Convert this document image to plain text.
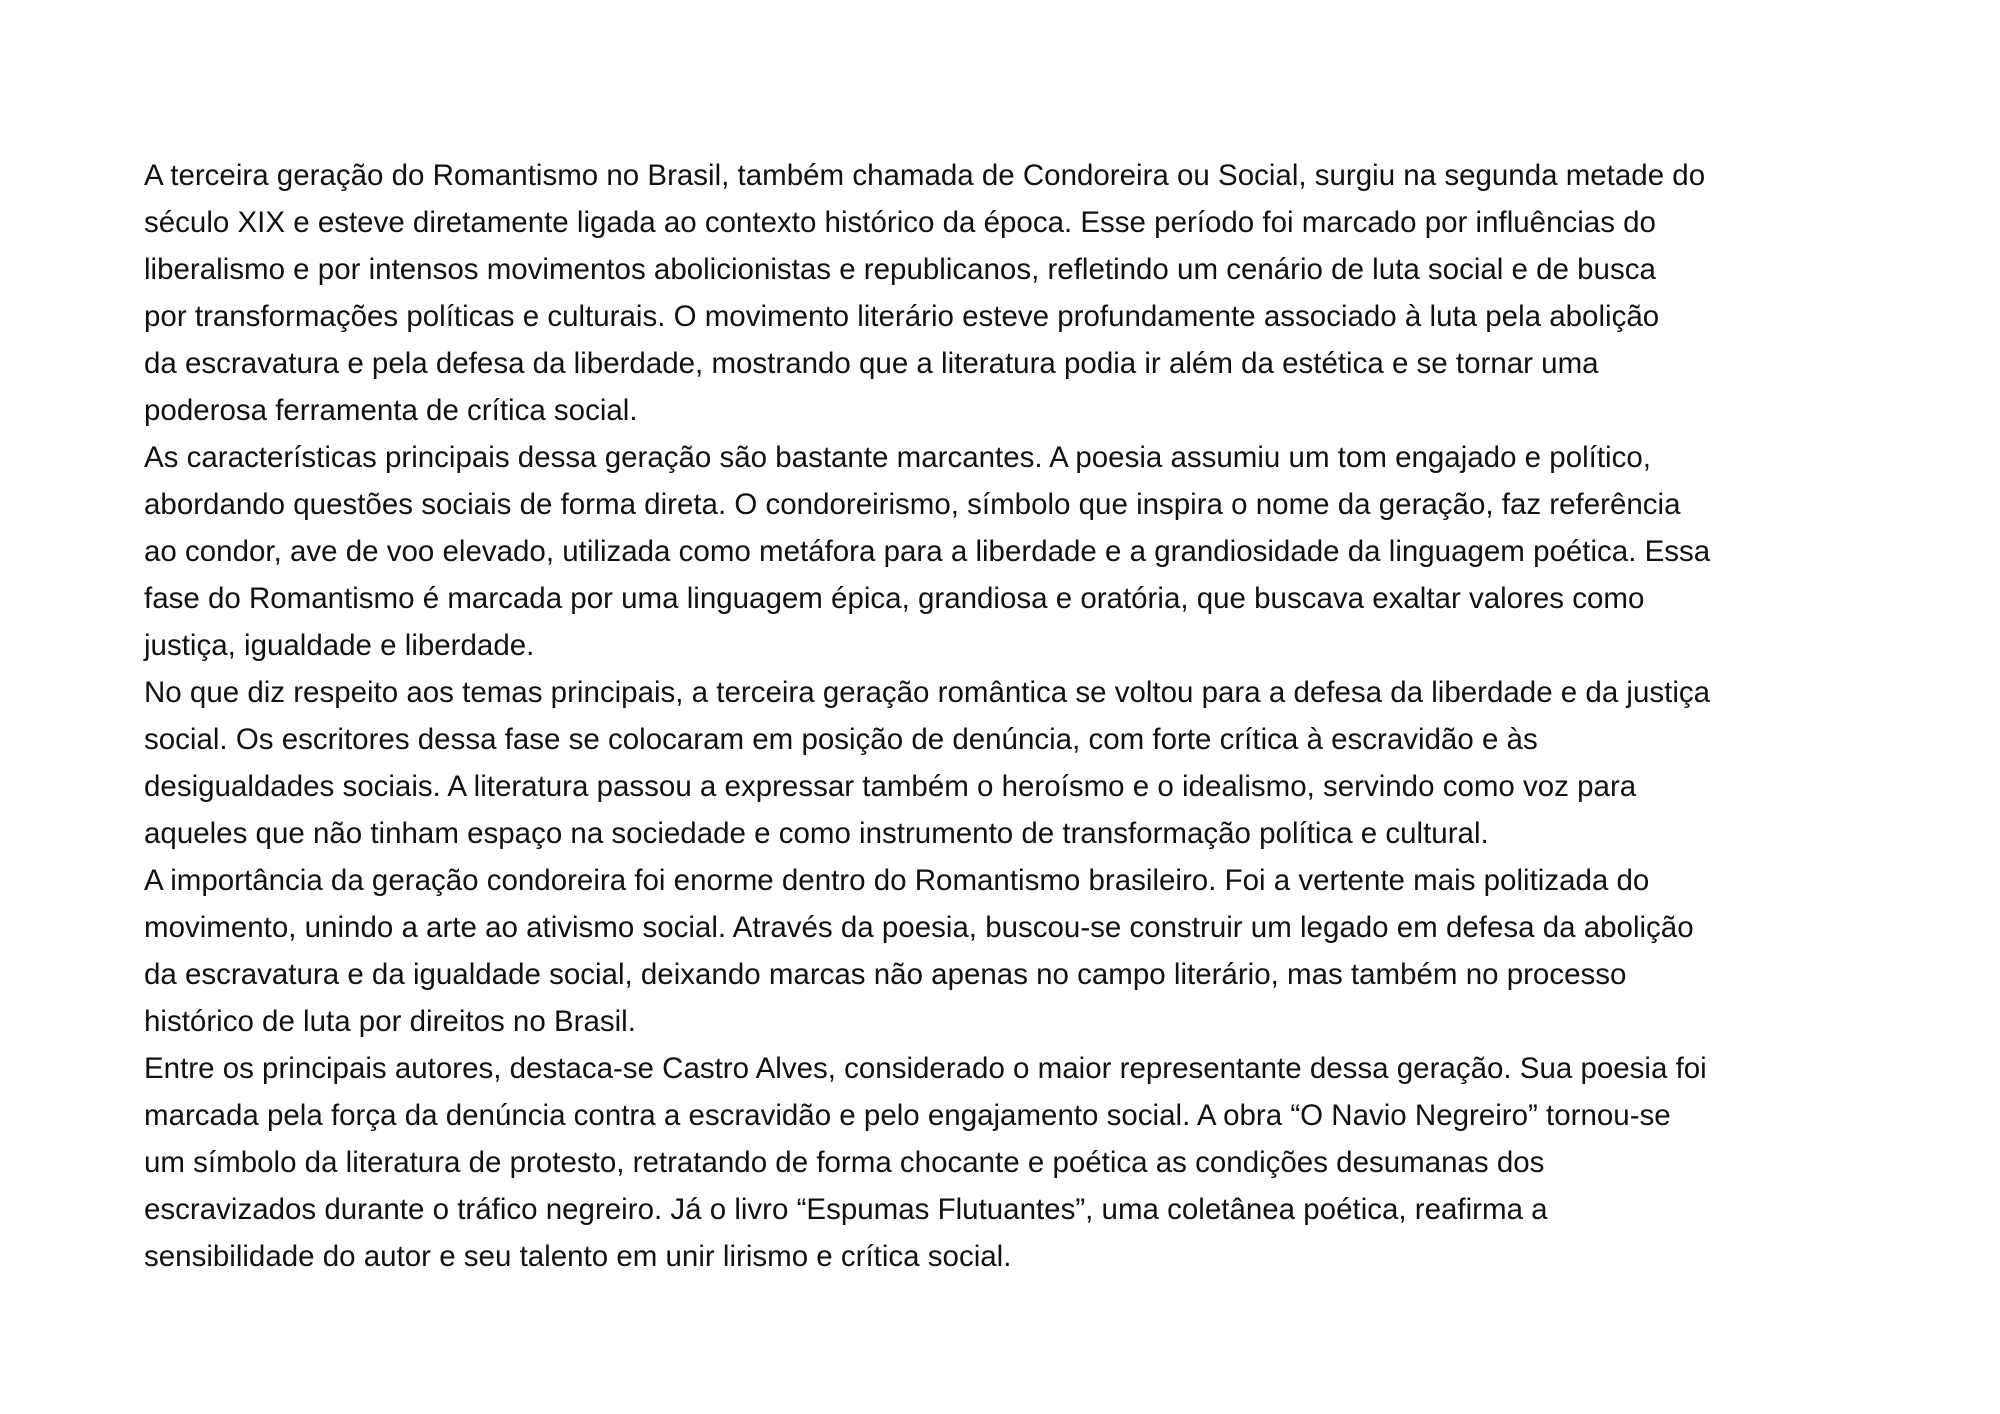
A terceira geração do Romantismo no Brasil, também chamada de Condoreira ou Social, surgiu na segunda metade do
século XIX e esteve diretamente ligada ao contexto histórico da época. Esse período foi marcado por influências do
liberalismo e por intensos movimentos abolicionistas e republicanos, refletindo um cenário de luta social e de busca
por transformações políticas e culturais. O movimento literário esteve profundamente associado à luta pela abolição
da escravatura e pela defesa da liberdade, mostrando que a literatura podia ir além da estética e se tornar uma
poderosa ferramenta de crítica social.

As características principais dessa geração são bastante marcantes. A poesia assumiu um tom engajado e político,
abordando questões sociais de forma direta. O condoreirismo, símbolo que inspira o nome da geração, faz referência
ao condor, ave de voo elevado, utilizada como metáfora para a liberdade e a grandiosidade da linguagem poética. Essa
fase do Romantismo é marcada por uma linguagem épica, grandiosa e oratória, que buscava exaltar valores como
justiça, igualdade e liberdade.

No que diz respeito aos temas principais, a terceira geração romântica se voltou para a defesa da liberdade e da justiça
social. Os escritores dessa fase se colocaram em posição de denúncia, com forte crítica à escravidão e às
desigualdades sociais. A literatura passou a expressar também o heroísmo e o idealismo, servindo como voz para
aqueles que não tinham espaço na sociedade e como instrumento de transformação política e cultural.

A importância da geração condoreira foi enorme dentro do Romantismo brasileiro. Foi a vertente mais politizada do
movimento, unindo a arte ao ativismo social. Através da poesia, buscou-se construir um legado em defesa da abolição
da escravatura e da igualdade social, deixando marcas não apenas no campo literário, mas também no processo
histórico de luta por direitos no Brasil.

Entre os principais autores, destaca-se Castro Alves, considerado o maior representante dessa geração. Sua poesia foi
marcada pela força da denúncia contra a escravidão e pelo engajamento social. A obra “O Navio Negreiro” tornou-se
um símbolo da literatura de protesto, retratando de forma chocante e poética as condições desumanas dos
escravizados durante o tráfico negreiro. Já o livro “Espumas Flutuantes”, uma coletânea poética, reafirma a
sensibilidade do autor e seu talento em unir lirismo e crítica social.
